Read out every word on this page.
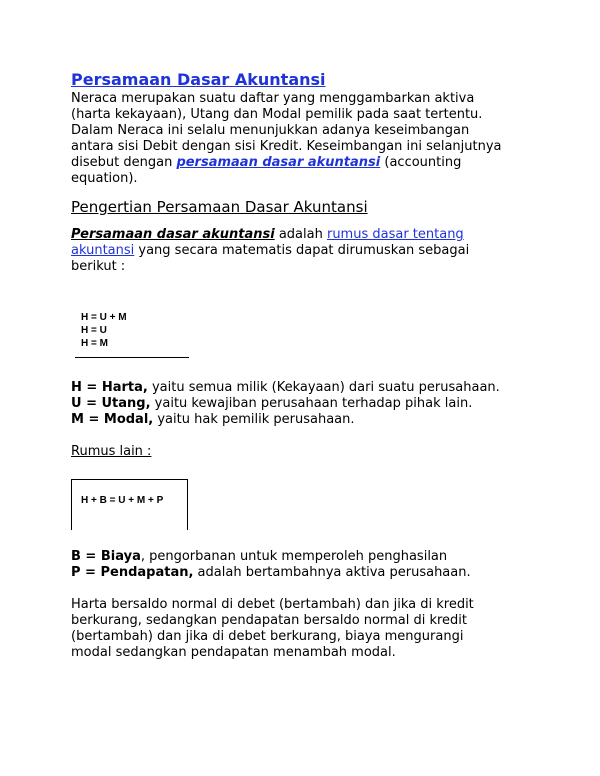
Persamaan Dasar Akuntansi
Neraca merupakan suatu daftar yang menggambarkan aktiva
(harta kekayaan), Utang dan Modal pemilik pada saat tertentu.
Dalam Neraca ini selalu menunjukkan adanya keseimbangan
antara sisi Debit dengan sisi Kredit. Keseimbangan ini selanjutnya
disebut dengan persamaan dasar akuntansi (accounting
equation).
Pengertian Persamaan Dasar Akuntansi
Persamaan dasar akuntansi adalah rumus dasar tentang
akuntansi yang secara matematis dapat dirumuskan sebagai
berikut :
H = U + M
H = U
H = M
H = Harta, yaitu semua milik (Kekayaan) dari suatu perusahaan.
U = Utang, yaitu kewajiban perusahaan terhadap pihak lain.
M = Modal, yaitu hak pemilik perusahaan.
Rumus lain :
H + B = U + M + P
B = Biaya, pengorbanan untuk memperoleh penghasilan
P = Pendapatan, adalah bertambahnya aktiva perusahaan.
Harta bersaldo normal di debet (bertambah) dan jika di kredit
berkurang, sedangkan pendapatan bersaldo normal di kredit
(bertambah) dan jika di debet berkurang, biaya mengurangi
modal sedangkan pendapatan menambah modal.
